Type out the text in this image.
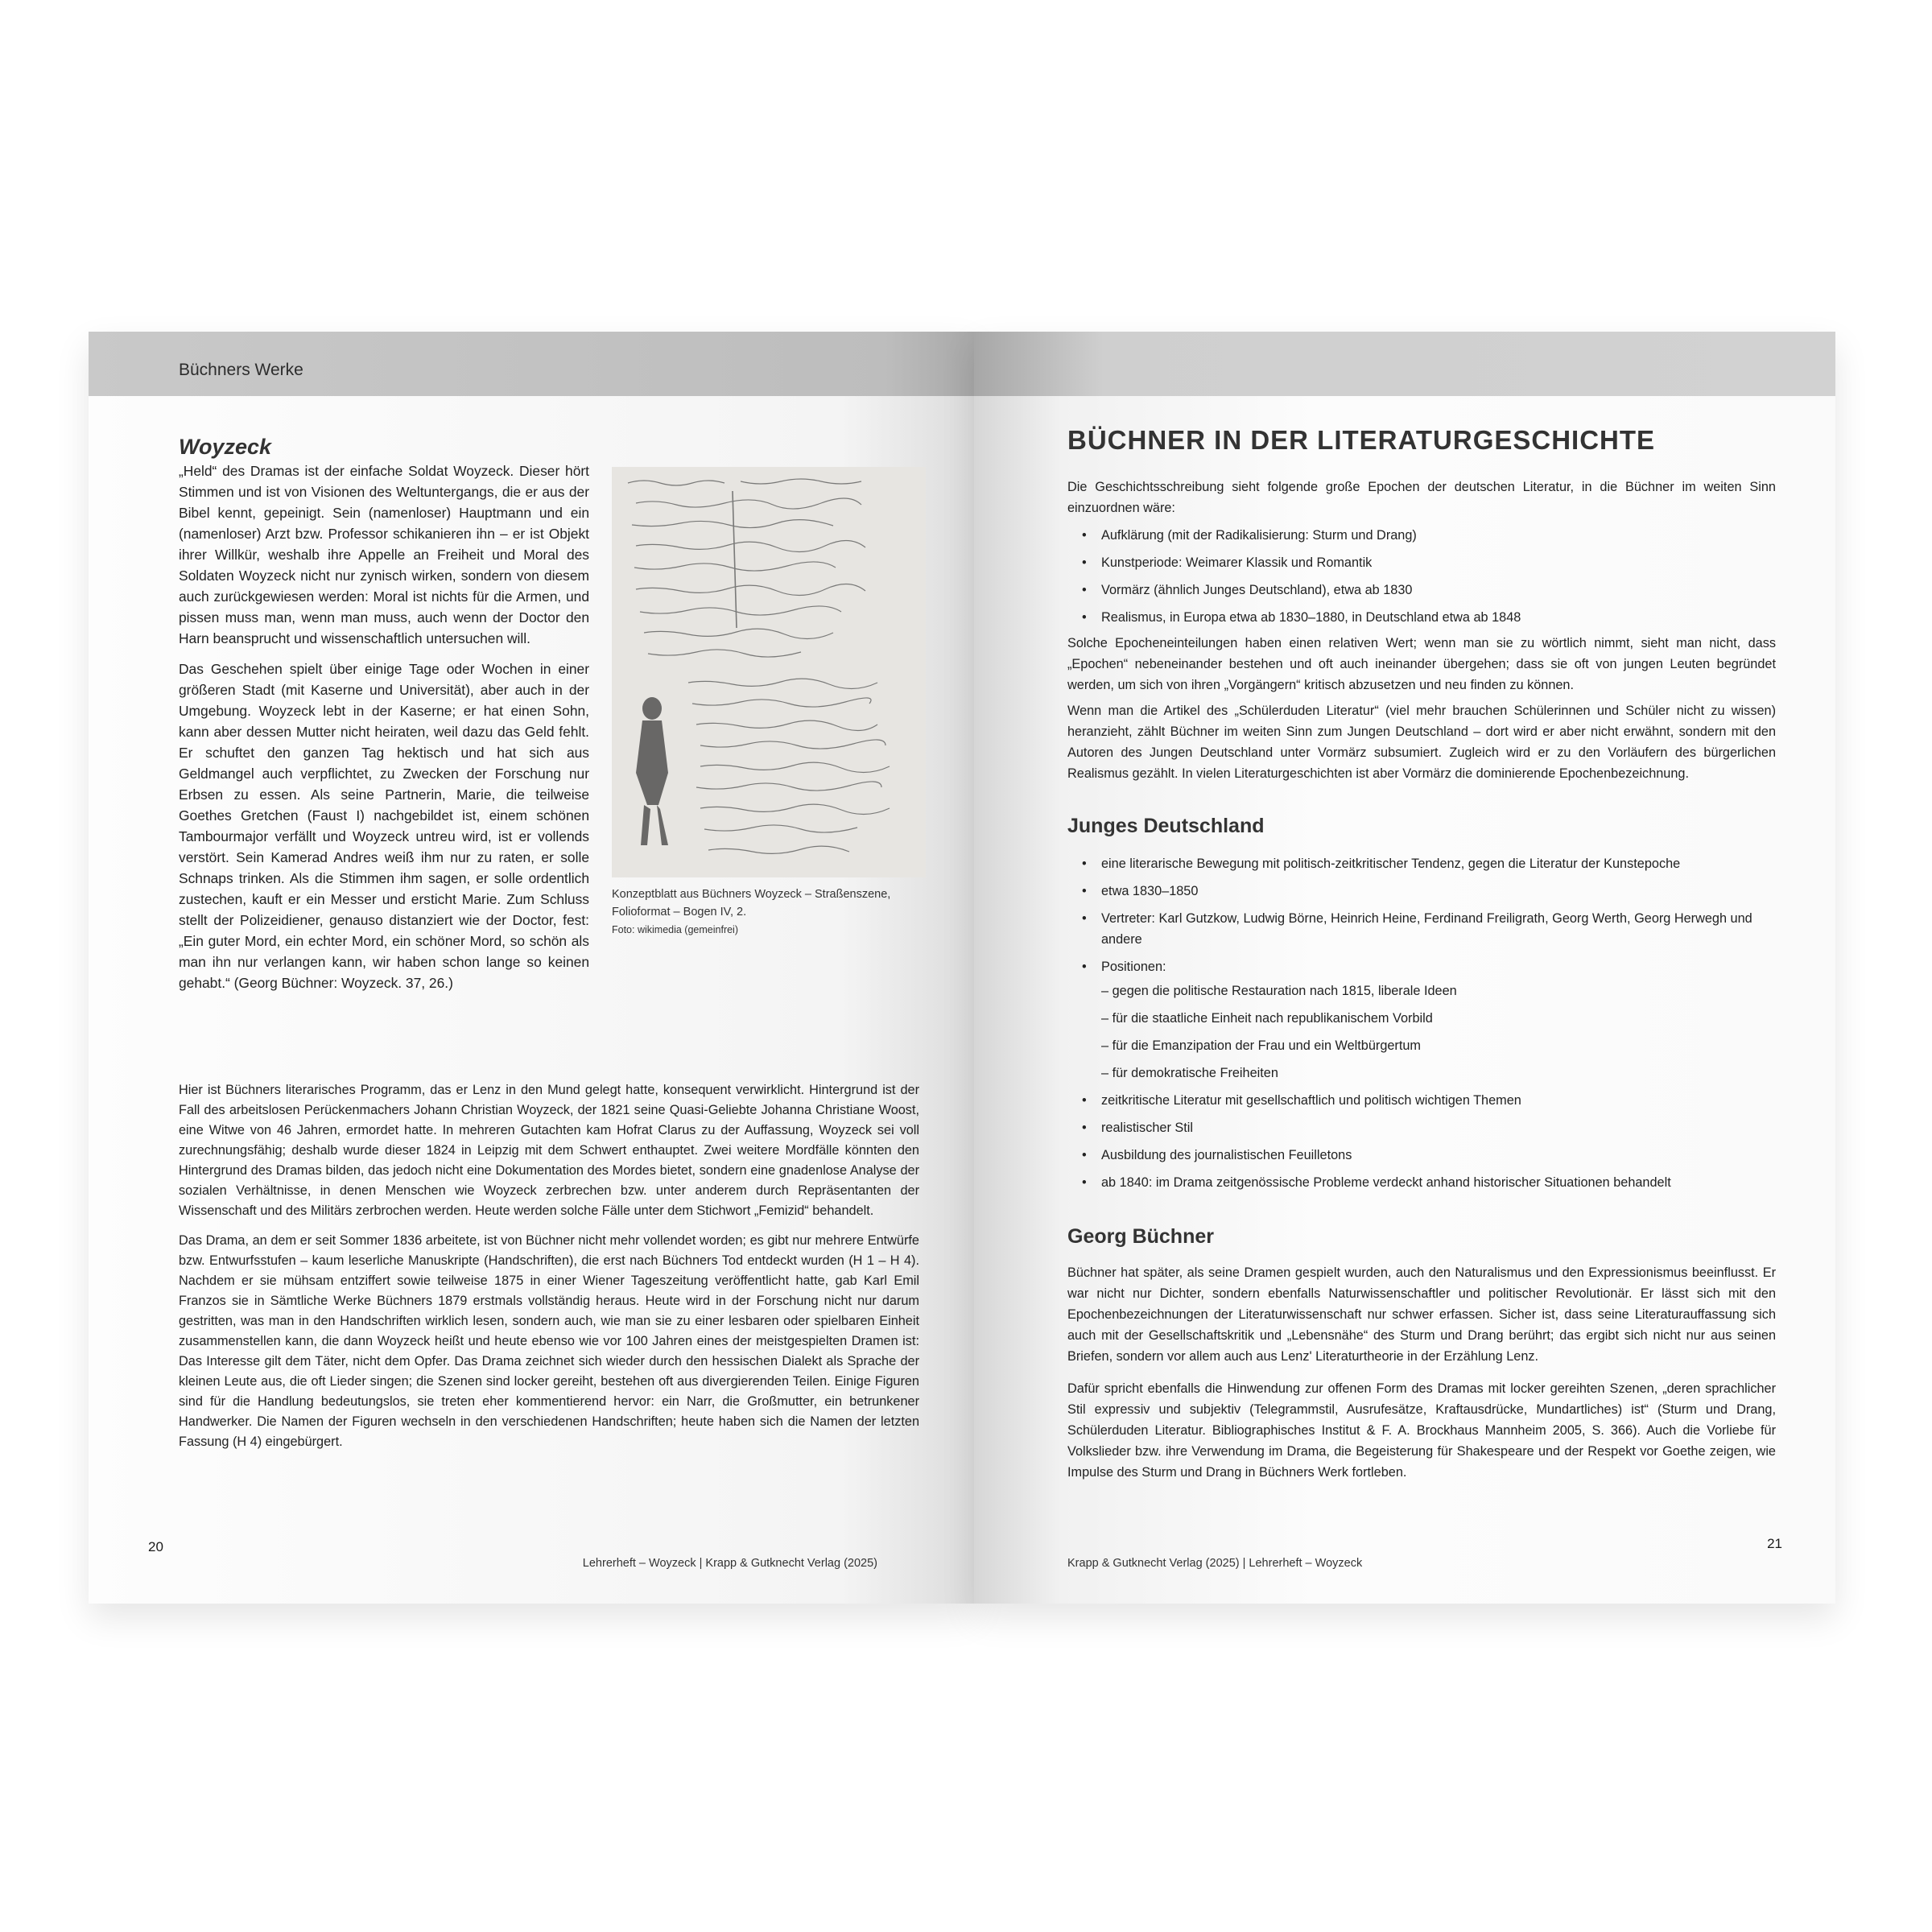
Büchners Werke
Woyzeck

„Held“ des Dramas ist der einfache Soldat Woyzeck. Dieser hört Stimmen und ist von Visionen des Weltuntergangs, die er aus der Bibel kennt, gepeinigt. Sein (namenloser) Hauptmann und ein (namenloser) Arzt bzw. Professor schikanieren ihn – er ist Objekt ihrer Willkür, weshalb ihre Appelle an Freiheit und Moral des Soldaten Woyzeck nicht nur zynisch wirken, sondern von diesem auch zurückgewiesen werden: Moral ist nichts für die Armen, und pissen muss man, wenn man muss, auch wenn der Doctor den Harn beansprucht und wissenschaftlich untersuchen will.

Das Geschehen spielt über einige Tage oder Wochen in einer größeren Stadt (mit Kaserne und Universität), aber auch in der Umgebung. Woyzeck lebt in der Kaserne; er hat einen Sohn, kann aber dessen Mutter nicht heiraten, weil dazu das Geld fehlt. Er schuftet den ganzen Tag hektisch und hat sich aus Geldmangel auch verpflichtet, zu Zwecken der Forschung nur Erbsen zu essen. Als seine Partnerin, Marie, die teilweise Goethes Gretchen (Faust I) nachgebildet ist, einem schönen Tambourmajor verfällt und Woyzeck untreu wird, ist er vollends verstört. Sein Kamerad Andres weiß ihm nur zu raten, er solle Schnaps trinken. Als die Stimmen ihm sagen, er solle ordentlich zustechen, kauft er ein Messer und ersticht Marie. Zum Schluss stellt der Polizeidiener, genauso distanziert wie der Doctor, fest: „Ein guter Mord, ein echter Mord, ein schöner Mord, so schön als man ihn nur verlangen kann, wir haben schon lange so keinen gehabt.“ (Georg Büchner: Woyzeck. 37, 26.)

Konzeptblatt aus Büchners Woyzeck – Straßenszene,
Folioformat – Bogen IV, 2.
Foto: wikimedia (gemeinfrei)

Hier ist Büchners literarisches Programm, das er Lenz in den Mund gelegt hatte, konsequent verwirklicht. Hintergrund ist der Fall des arbeitslosen Perückenmachers Johann Christian Woyzeck, der 1821 seine Quasi-Geliebte Johanna Christiane Woost, eine Witwe von 46 Jahren, ermordet hatte. In mehreren Gutachten kam Hofrat Clarus zu der Auffassung, Woyzeck sei voll zurechnungsfähig; deshalb wurde dieser 1824 in Leipzig mit dem Schwert enthauptet. Zwei weitere Mordfälle könnten den Hintergrund des Dramas bilden, das jedoch nicht eine Dokumentation des Mordes bietet, sondern eine gnadenlose Analyse der sozialen Verhältnisse, in denen Menschen wie Woyzeck zerbrechen bzw. unter anderem durch Repräsentanten der Wissenschaft und des Militärs zerbrochen werden. Heute werden solche Fälle unter dem Stichwort „Femizid“ behandelt.

Das Drama, an dem er seit Sommer 1836 arbeitete, ist von Büchner nicht mehr vollendet worden; es gibt nur mehrere Entwürfe bzw. Entwurfsstufen – kaum leserliche Manuskripte (Handschriften), die erst nach Büchners Tod entdeckt wurden (H 1 – H 4). Nachdem er sie mühsam entziffert sowie teilweise 1875 in einer Wiener Tageszeitung veröffentlicht hatte, gab Karl Emil Franzos sie in Sämtliche Werke Büchners 1879 erstmals vollständig heraus. Heute wird in der Forschung nicht nur darum gestritten, was man in den Handschriften wirklich lesen, sondern auch, wie man sie zu einer lesbaren oder spielbaren Einheit zusammenstellen kann, die dann Woyzeck heißt und heute ebenso wie vor 100 Jahren eines der meistgespielten Dramen ist: Das Interesse gilt dem Täter, nicht dem Opfer. Das Drama zeichnet sich wieder durch den hessischen Dialekt als Sprache der kleinen Leute aus, die oft Lieder singen; die Szenen sind locker gereiht, bestehen oft aus divergierenden Teilen. Einige Figuren sind für die Handlung bedeutungslos, sie treten eher kommentierend hervor: ein Narr, die Großmutter, ein betrunkener Handwerker. Die Namen der Figuren wechseln in den verschiedenen Handschriften; heute haben sich die Namen der letzten Fassung (H 4) eingebürgert.

20
Lehrerheft – Woyzeck | Krapp & Gutknecht Verlag (2025)
BÜCHNER IN DER LITERATURGESCHICHTE
Die Geschichtsschreibung sieht folgende große Epochen der deutschen Literatur, in die Büchner im weiten Sinn einzuordnen wäre:
• Aufklärung (mit der Radikalisierung: Sturm und Drang)
• Kunstperiode: Weimarer Klassik und Romantik
• Vormärz (ähnlich Junges Deutschland), etwa ab 1830
• Realismus, in Europa etwa ab 1830–1880, in Deutschland etwa ab 1848

Solche Epocheneinteilungen haben einen relativen Wert; wenn man sie zu wörtlich nimmt, sieht man nicht, dass „Epochen“ nebeneinander bestehen und oft auch ineinander übergehen; dass sie oft von jungen Leuten begründet werden, um sich von ihren „Vorgängern“ kritisch abzusetzen und neu finden zu können.

Wenn man die Artikel des „Schülerduden Literatur“ (viel mehr brauchen Schülerinnen und Schüler nicht zu wissen) heranzieht, zählt Büchner im weiten Sinn zum Jungen Deutschland – dort wird er aber nicht erwähnt, sondern mit den Autoren des Jungen Deutschland unter Vormärz subsumiert. Zugleich wird er zu den Vorläufern des bürgerlichen Realismus gezählt. In vielen Literaturgeschichten ist aber Vormärz die dominierende Epochenbezeichnung.

Junges Deutschland
• eine literarische Bewegung mit politisch-zeitkritischer Tendenz, gegen die Literatur der Kunstepoche
• etwa 1830–1850
• Vertreter: Karl Gutzkow, Ludwig Börne, Heinrich Heine, Ferdinand Freiligrath, Georg Werth, Georg Herwegh und andere
• Positionen:
– gegen die politische Restauration nach 1815, liberale Ideen
– für die staatliche Einheit nach republikanischem Vorbild
– für die Emanzipation der Frau und ein Weltbürgertum
– für demokratische Freiheiten
• zeitkritische Literatur mit gesellschaftlich und politisch wichtigen Themen
• realistischer Stil
• Ausbildung des journalistischen Feuilletons
• ab 1840: im Drama zeitgenössische Probleme verdeckt anhand historischer Situationen behandelt
Georg Büchner

Büchner hat später, als seine Dramen gespielt wurden, auch den Naturalismus und den Expressionismus beeinflusst. Er war nicht nur Dichter, sondern ebenfalls Naturwissenschaftler und politischer Revolutionär. Er lässt sich mit den Epochenbezeichnungen der Literaturwissenschaft nur schwer erfassen. Sicher ist, dass seine Literaturauffassung sich auch mit der Gesellschaftskritik und „Lebensnähe“ des Sturm und Drang berührt; das ergibt sich nicht nur aus seinen Briefen, sondern vor allem auch aus Lenz' Literaturtheorie in der Erzählung Lenz.

Dafür spricht ebenfalls die Hinwendung zur offenen Form des Dramas mit locker gereihten Szenen, „deren sprachlicher Stil expressiv und subjektiv (Telegrammstil, Ausrufesätze, Kraftausdrücke, Mundartliches) ist“ (Sturm und Drang, Schülerduden Literatur. Bibliographisches Institut & F. A. Brockhaus Mannheim 2005, S. 366). Auch die Vorliebe für Volkslieder bzw. ihre Verwendung im Drama, die Begeisterung für Shakespeare und der Respekt vor Goethe zeigen, wie Impulse des Sturm und Drang in Büchners Werk fortleben.

Krapp & Gutknecht Verlag (2025) | Lehrerheft – Woyzeck
21
